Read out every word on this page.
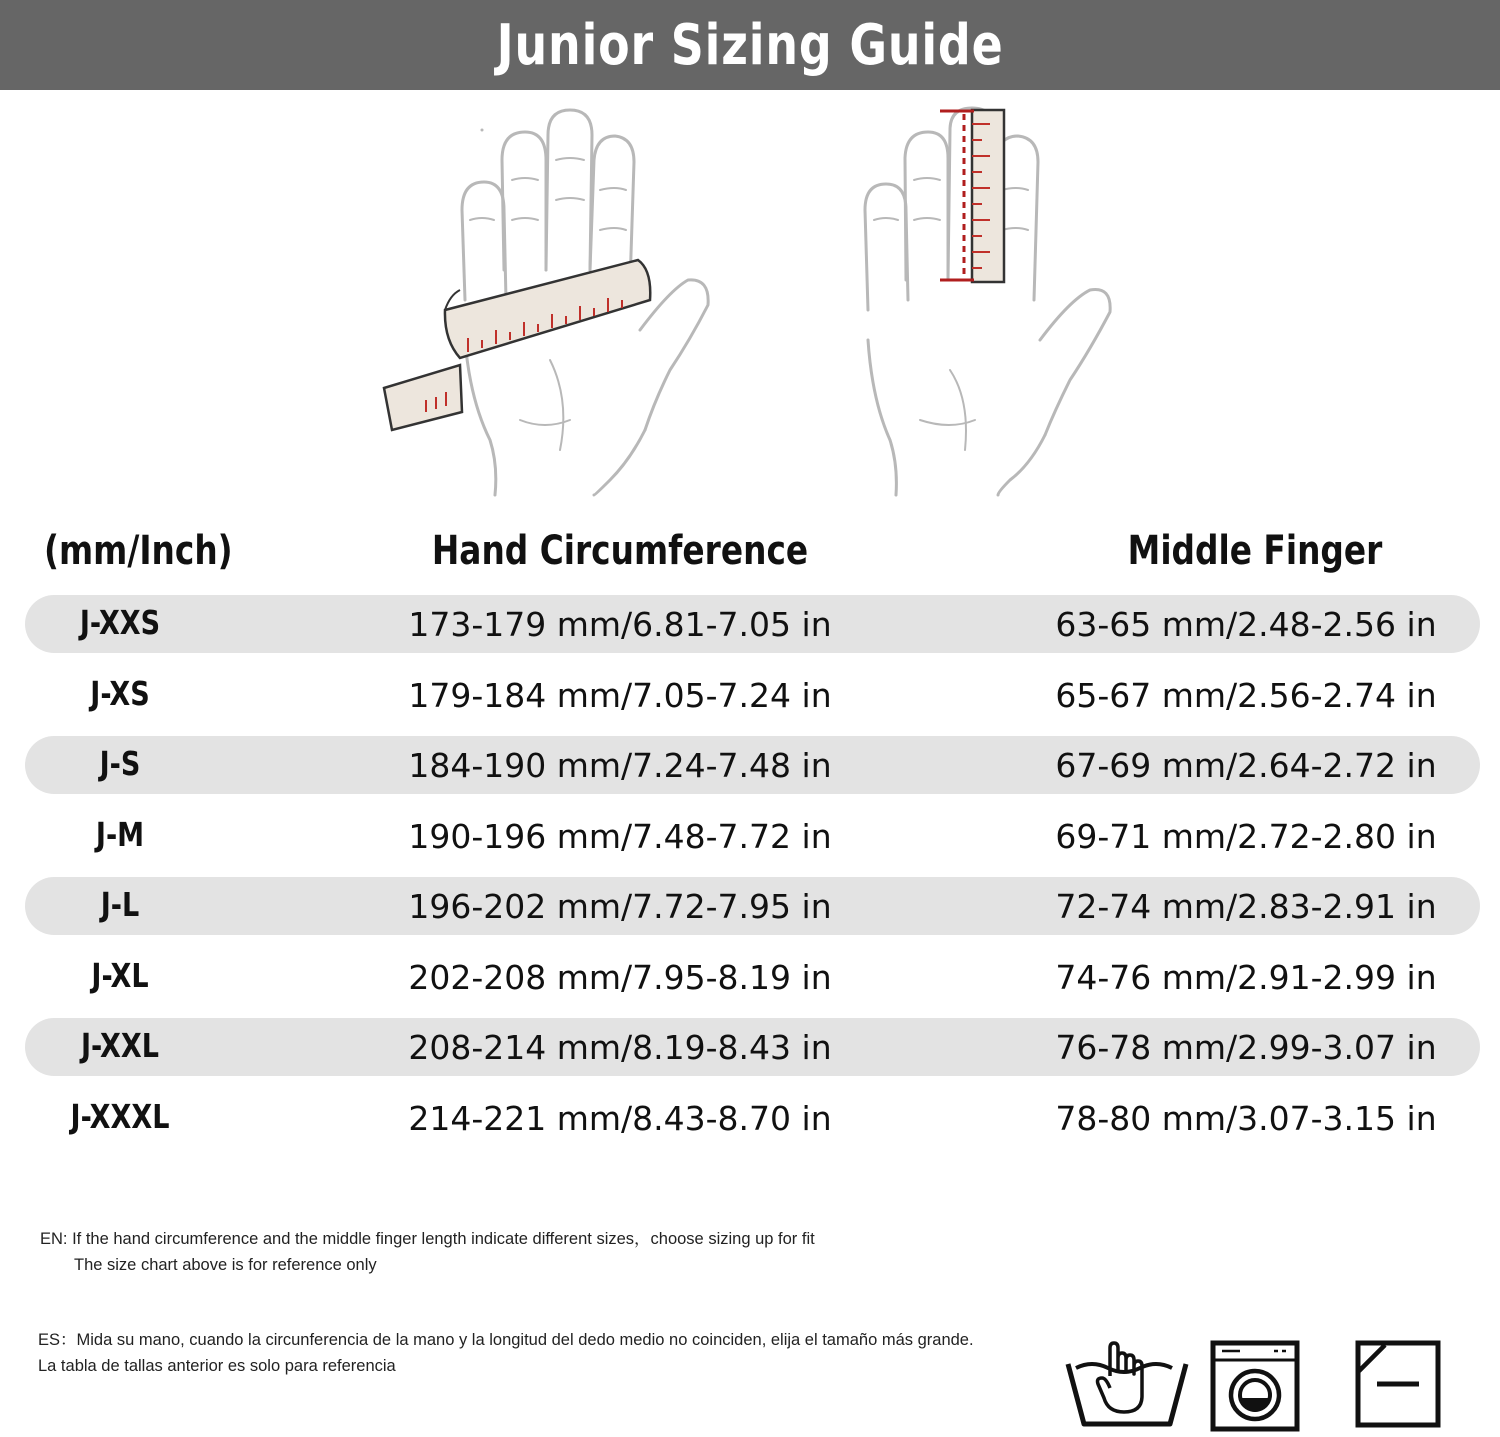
Junior Sizing Guide
(mm/Inch)	Hand Circumference	Middle Finger
J-XXS	173-179 mm/6.81-7.05 in	63-65 mm/2.48-2.56 in
J-XS	179-184 mm/7.05-7.24 in	65-67 mm/2.56-2.74 in
J-S	184-190 mm/7.24-7.48 in	67-69 mm/2.64-2.72 in
J-M	190-196 mm/7.48-7.72 in	69-71 mm/2.72-2.80 in
J-L	196-202 mm/7.72-7.95 in	72-74 mm/2.83-2.91 in
J-XL	202-208 mm/7.95-8.19 in	74-76 mm/2.91-2.99 in
J-XXL	208-214 mm/8.19-8.43 in	76-78 mm/2.99-3.07 in
J-XXXL	214-221 mm/8.43-8.70 in	78-80 mm/3.07-3.15 in
EN: If the hand circumference and the middle finger length indicate different sizes，choose sizing up for fit
The size chart above is for reference only
ES：Mida su mano, cuando la circunferencia de la mano y la longitud del dedo medio no coinciden, elija el tamaño más grande.
La tabla de tallas anterior es solo para referencia
